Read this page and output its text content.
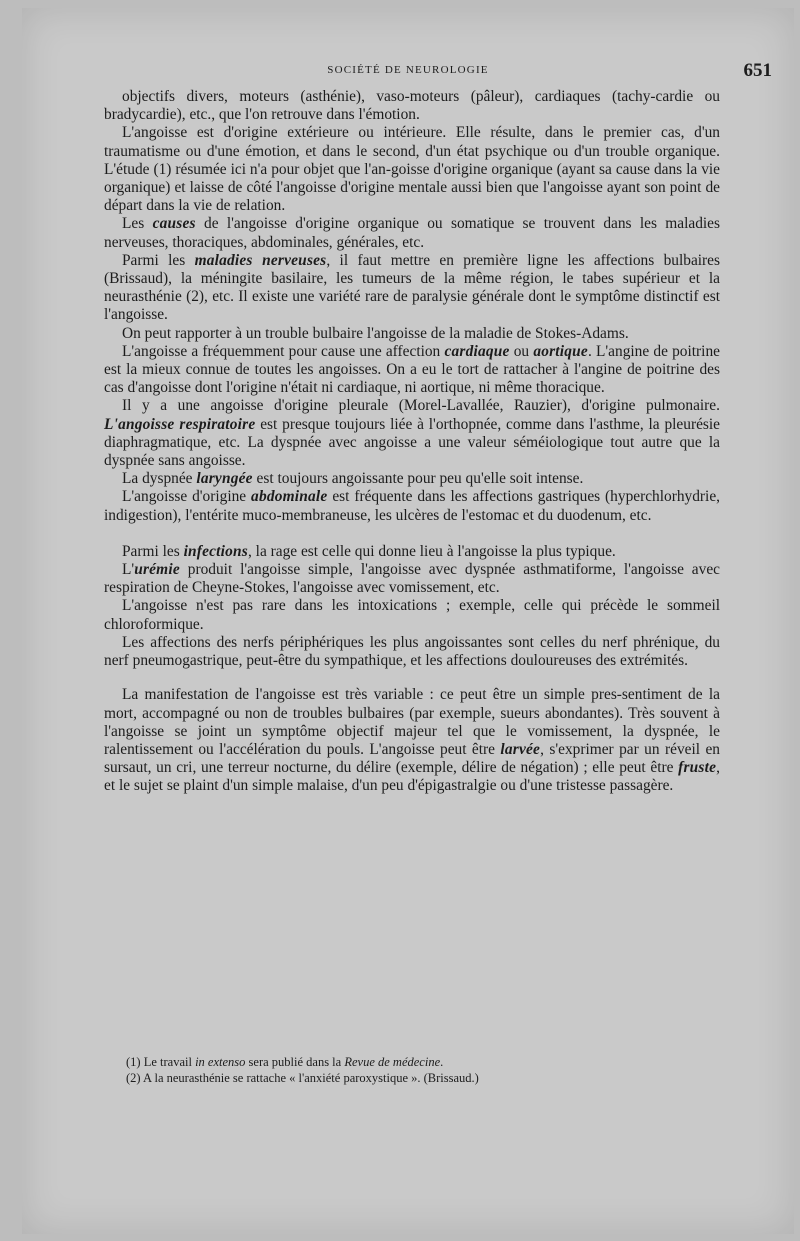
SOCIÉTÉ DE NEUROLOGIE	651

objectifs divers, moteurs (asthénie), vaso-moteurs (pâleur), cardiaques (tachy-cardie ou bradycardie), etc., que l'on retrouve dans l'émotion.

L'angoisse est d'origine extérieure ou intérieure. Elle résulte, dans le premier cas, d'un traumatisme ou d'une émotion, et dans le second, d'un état psychique ou d'un trouble organique. L'étude (1) résumée ici n'a pour objet que l'an-goisse d'origine organique (ayant sa cause dans la vie organique) et laisse de côté l'angoisse d'origine mentale aussi bien que l'angoisse ayant son point de départ dans la vie de relation.

Les causes de l'angoisse d'origine organique ou somatique se trouvent dans les maladies nerveuses, thoraciques, abdominales, générales, etc.

Parmi les maladies nerveuses, il faut mettre en première ligne les affections bulbaires (Brissaud), la méningite basilaire, les tumeurs de la même région, le tabes supérieur et la neurasthénie (2), etc. Il existe une variété rare de paralysie générale dont le symptôme distinctif est l'angoisse.

On peut rapporter à un trouble bulbaire l'angoisse de la maladie de Stokes-Adams.

L'angoisse a fréquemment pour cause une affection cardiaque ou aortique. L'angine de poitrine est la mieux connue de toutes les angoisses. On a eu le tort de rattacher à l'angine de poitrine des cas d'angoisse dont l'origine n'était ni cardiaque, ni aortique, ni même thoracique.

Il y a une angoisse d'origine pleurale (Morel-Lavallée, Rauzier), d'origine pulmonaire. L'angoisse respiratoire est presque toujours liée à l'orthopnée, comme dans l'asthme, la pleurésie diaphragmatique, etc. La dyspnée avec angoisse a une valeur séméiologique tout autre que la dyspnée sans angoisse.

La dyspnée laryngée est toujours angoissante pour peu qu'elle soit intense.

L'angoisse d'origine abdominale est fréquente dans les affections gastriques (hyperchlorhydrie, indigestion), l'entérite muco-membraneuse, les ulcères de l'estomac et du duodenum, etc.

Parmi les infections, la rage est celle qui donne lieu à l'angoisse la plus typique.

L'urémie produit l'angoisse simple, l'angoisse avec dyspnée asthmatiforme, l'angoisse avec respiration de Cheyne-Stokes, l'angoisse avec vomissement, etc.

L'angoisse n'est pas rare dans les intoxications ; exemple, celle qui précède le sommeil chloroformique.

Les affections des nerfs périphériques les plus angoissantes sont celles du nerf phrénique, du nerf pneumogastrique, peut-être du sympathique, et les affections douloureuses des extrémités.

La manifestation de l'angoisse est très variable : ce peut être un simple pres-sentiment de la mort, accompagné ou non de troubles bulbaires (par exemple, sueurs abondantes). Très souvent à l'angoisse se joint un symptôme objectif majeur tel que le vomissement, la dyspnée, le ralentissement ou l'accélération du pouls. L'angoisse peut être larvée, s'exprimer par un réveil en sursaut, un cri, une terreur nocturne, du délire (exemple, délire de négation) ; elle peut être fruste, et le sujet se plaint d'un simple malaise, d'un peu d'épigastralgie ou d'une tristesse passagère.

(1) Le travail in extenso sera publié dans la Revue de médecine.

(2) A la neurasthénie se rattache « l'anxiété paroxystique ». (Brissaud.)
